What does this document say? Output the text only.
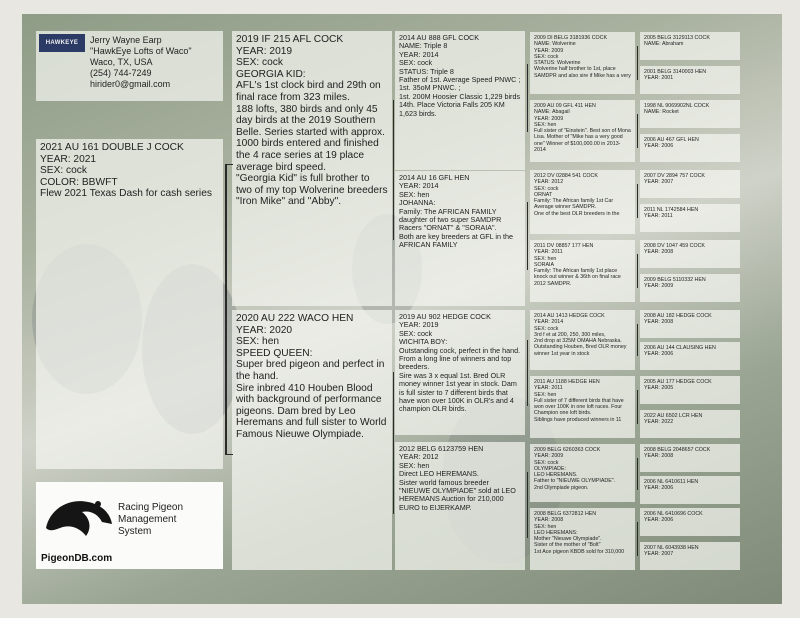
HAWKEYE	Jerry Wayne Earp
"HawkEye Lofts of Waco"
Waco, TX, USA
(254) 744-7249
hirider0@gmail.com
2021 AU 161 DOUBLE J COCK
YEAR: 2021
SEX: cock
COLOR: BBWFT
Flew 2021 Texas Dash for cash series
2019 IF 215 AFL COCK
YEAR: 2019
SEX: cock
GEORGIA KID:
AFL's 1st clock bird and 29th on final race from 323 miles.
188 lofts, 380 birds and only 45 day birds at the 2019 Southern Belle. Series started with approx. 1000 birds entered and finished the 4 race series at 19 place average bird speed.
"Georgia Kid" is full brother to two of my top Wolverine breeders "Iron Mike" and "Abby".
2020 AU 222 WACO HEN
YEAR: 2020
SEX: hen
SPEED QUEEN:
Super bred pigeon and perfect in the hand.
Sire inbred 410 Houben Blood with background of performance pigeons. Dam bred by Leo Heremans and full sister to World Famous Nieuwe Olympiade.
2014 AU 888 GFL COCK
NAME: Triple 8
YEAR: 2014
SEX: cock
STATUS: Triple 8
Father of 1st. Average Speed PNWC ;
1st. 35oM PNWC. ;
1st. 200M Hoosier Classic 1,229 birds
14th. Place Victoria Falls 205 KM 1,623 birds.
2014 AU 16 GFL HEN
YEAR: 2014
SEX: hen
JOHANNA:
Family: The AFRICAN FAMILY daughter of two super SAMDPR Racers "ORNAT" & "SORAIA".
Both are key breeders at GFL in the AFRICAN FAMILY
2019 AU 902 HEDGE COCK
YEAR: 2019
SEX: cock
WICHITA BOY:
Outstanding cock, perfect in the hand.
From a long line of winners and top breeders.
Sire was 3 x equal 1st. Bred OLR money winner 1st year in stock. Dam is full sister to 7 different birds that have won over 100K in OLR's and 4 champion OLR birds.
2012 BELG 6123759 HEN
YEAR: 2012
SEX: hen
Direct LEO HEREMANS.
Sister world famous breeder "NIEUWE OLYMPIADE" sold at LEO HEREMANS Auction for 210,000 EURO to EIJERKAMP.
2009 DI BELG 3181936 COCK
NAME: Wolverine
YEAR: 2009
SEX: cock
STATUS: Wolverine
Wolverine half brother to 1st, place SAMDPR and also sire if Mike has a very
2009 AU 09 GFL 411 HEN
NAME: Abagail
YEAR: 2009
SEX: hen
Full sister of "Einstein". Best son of Mona Lisa. Mother of "Mike has a very good one" Winner of $100,000.00 in 2013-2014
2012 DV 02884 541 COCK
YEAR: 2012
SEX: cock
ORNAT
Family: The African family 1st Car Average winner SAMDPR.
One of the best OLR breeders in the
2011 DV 08857 177 HEN
YEAR: 2011
SEX: hen
SORAIA
Family: The African family 1st place knock out winner & 36th on final race 2012 SAMDPR.
2014 AU 1413 HEDGE COCK
YEAR: 2014
SEX: cock
3rd f et at 200, 250, 300 miles,
2nd drop at 325M OMAHA Nebraska.
Outstanding Houben, Bred OLR money winner 1st year in stock
2011 AU 1188 HEDGE HEN
YEAR: 2011
SEX: hen
Full sister of 7 different birds that have won over 100K in one loft races. Four Champion one loft birds.
Siblings have produced winners in 11
2009 BELG 6260363 COCK
YEAR: 2009
SEX: cock
OLYMPIADE:
LEO HEREMANS.
Father to "NIEUWE OLYMPIADE".
2nd Olympiade pigeon.
2008 BELG 6372812 HEN
YEAR: 2008
SEX: hen
LEO HEREMANS:
Mother "Nieuwe Olympiade".
Sister of the mother of "Bolt"
1st Ace pigeon KBDB sold for 310,000
2005 BELG 3129113 COCK
NAME: Abraham
2001 BELG 3140003 HEN
YEAR: 2001
1998 NL 9069902NL COCK
NAME: Rocket
2006 AU 467 GFL HEN
YEAR: 2006
2007 DV 2894 757 COCK
YEAR: 2007
2011 NL 1742584 HEN
YEAR: 2011
2008 DV 1047 459 COCK
YEAR: 2008
2009 BELG 5110332 HEN
YEAR: 2009
2008 AU 182 HEDGE COCK
YEAR: 2008
2006 AU 144 CLAUSING HEN
YEAR: 2006
2005 AU 177 HEDGE COCK
YEAR: 2005
2022 AU 6502 LCR HEN
YEAR: 2022
2008 BELG 2048657 COCK
YEAR: 2008
2006 NL 6410611 HEN
YEAR: 2006
2006 NL 6410696 COCK
YEAR: 2006
2007 NL 6043938 HEN
YEAR: 2007
Racing Pigeon
Management
System
PigeonDB.com
